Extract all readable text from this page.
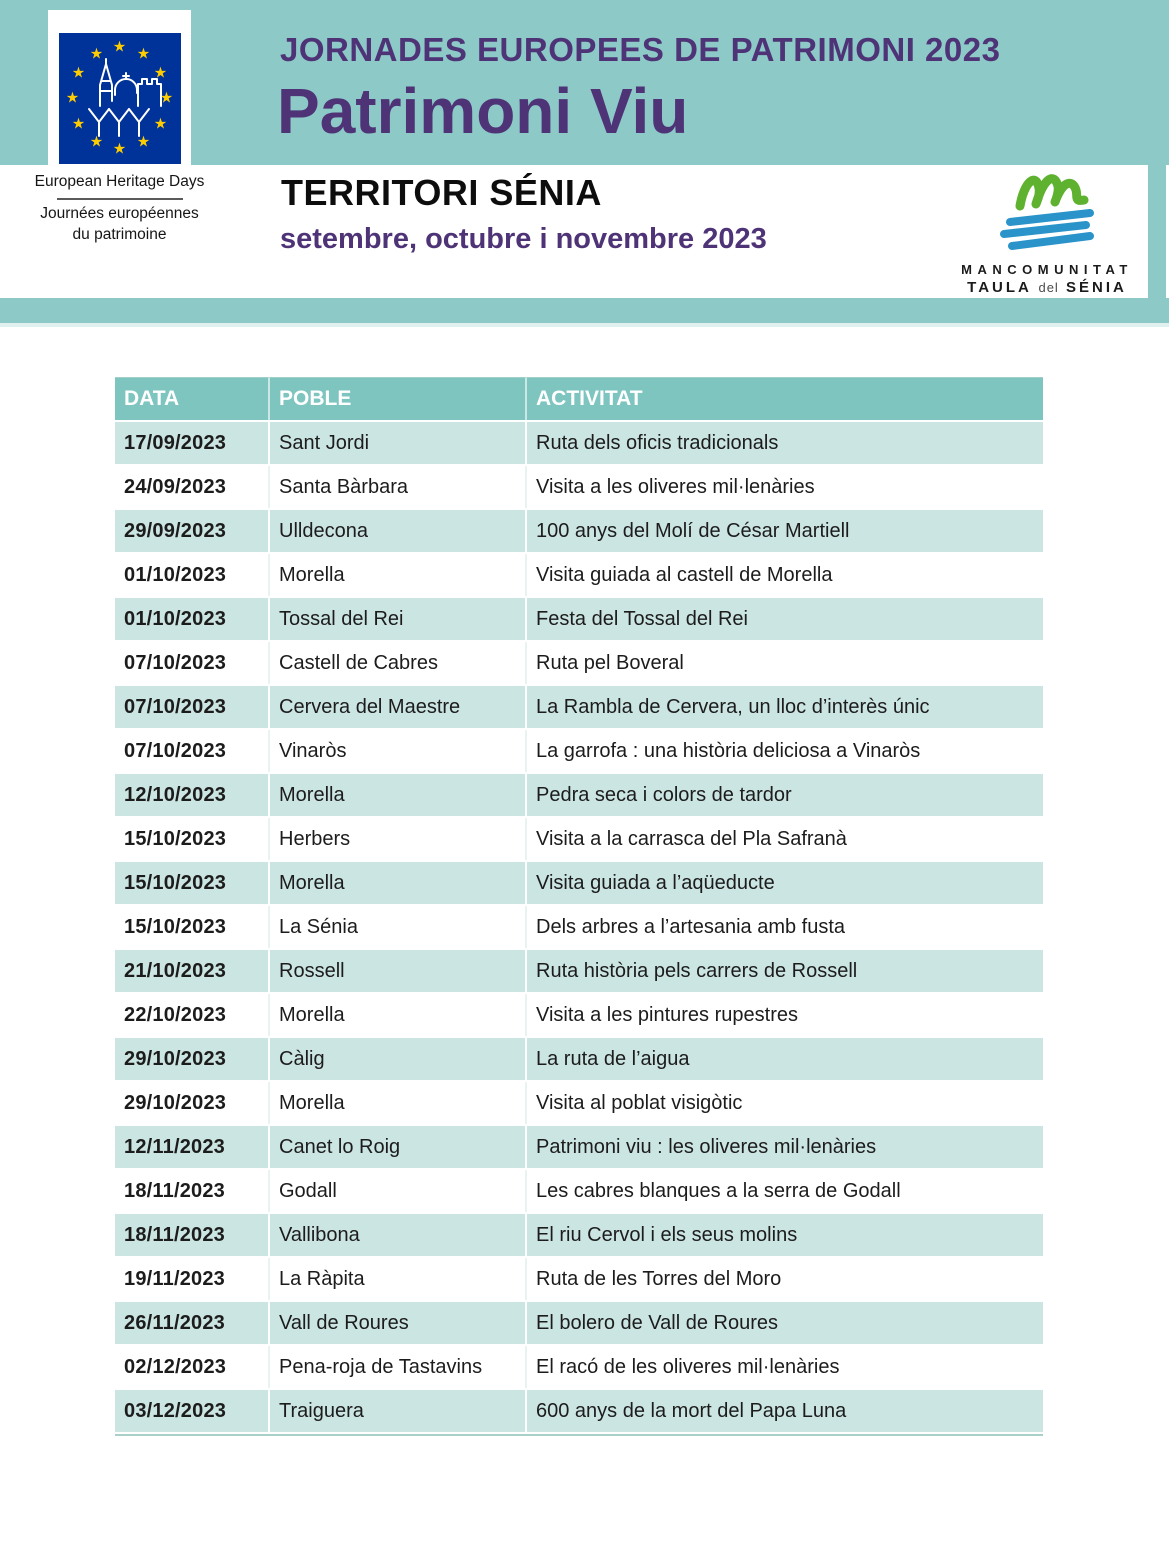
★ ★
★
★
★
★
★
★
★
★
★
★
European Heritage Days
Journées européennes
du patrimoine
JORNADES EUROPEES DE PATRIMONI 2023
Patrimoni Viu
TERRITORI SÉNIA
setembre, octubre i novembre 2023
MANCOMUNITAT
TAULA del SÉNIA
DATA	POBLE	ACTIVITAT
17/09/2023	Sant Jordi	Ruta dels oficis tradicionals
24/09/2023	Santa Bàrbara	Visita a les oliveres mil·lenàries
29/09/2023	Ulldecona	100 anys del Molí de César Martiell
01/10/2023	Morella	Visita guiada al castell de Morella
01/10/2023	Tossal del Rei	Festa del Tossal del Rei
07/10/2023	Castell de Cabres	Ruta pel Boveral
07/10/2023	Cervera del Maestre	La Rambla de Cervera, un lloc d’interès únic
07/10/2023	Vinaròs	La garrofa : una història deliciosa a Vinaròs
12/10/2023	Morella	Pedra seca i colors de tardor
15/10/2023	Herbers	Visita a la carrasca del Pla Safranà
15/10/2023	Morella	Visita guiada a l’aqüeducte
15/10/2023	La Sénia	Dels arbres a l’artesania amb fusta
21/10/2023	Rossell	Ruta història pels carrers de Rossell
22/10/2023	Morella	Visita a les pintures rupestres
29/10/2023	Càlig	La ruta de l’aigua
29/10/2023	Morella	Visita al poblat visigòtic
12/11/2023	Canet lo Roig	Patrimoni viu : les oliveres mil·lenàries
18/11/2023	Godall	Les cabres blanques a la serra de Godall
18/11/2023	Vallibona	El riu Cervol i els seus molins
19/11/2023	La Ràpita	Ruta de les Torres del Moro
26/11/2023	Vall de Roures	El bolero de Vall de Roures
02/12/2023	Pena-roja de Tastavins	El racó de les oliveres mil·lenàries
03/12/2023	Traiguera	600 anys de la mort del Papa Luna
